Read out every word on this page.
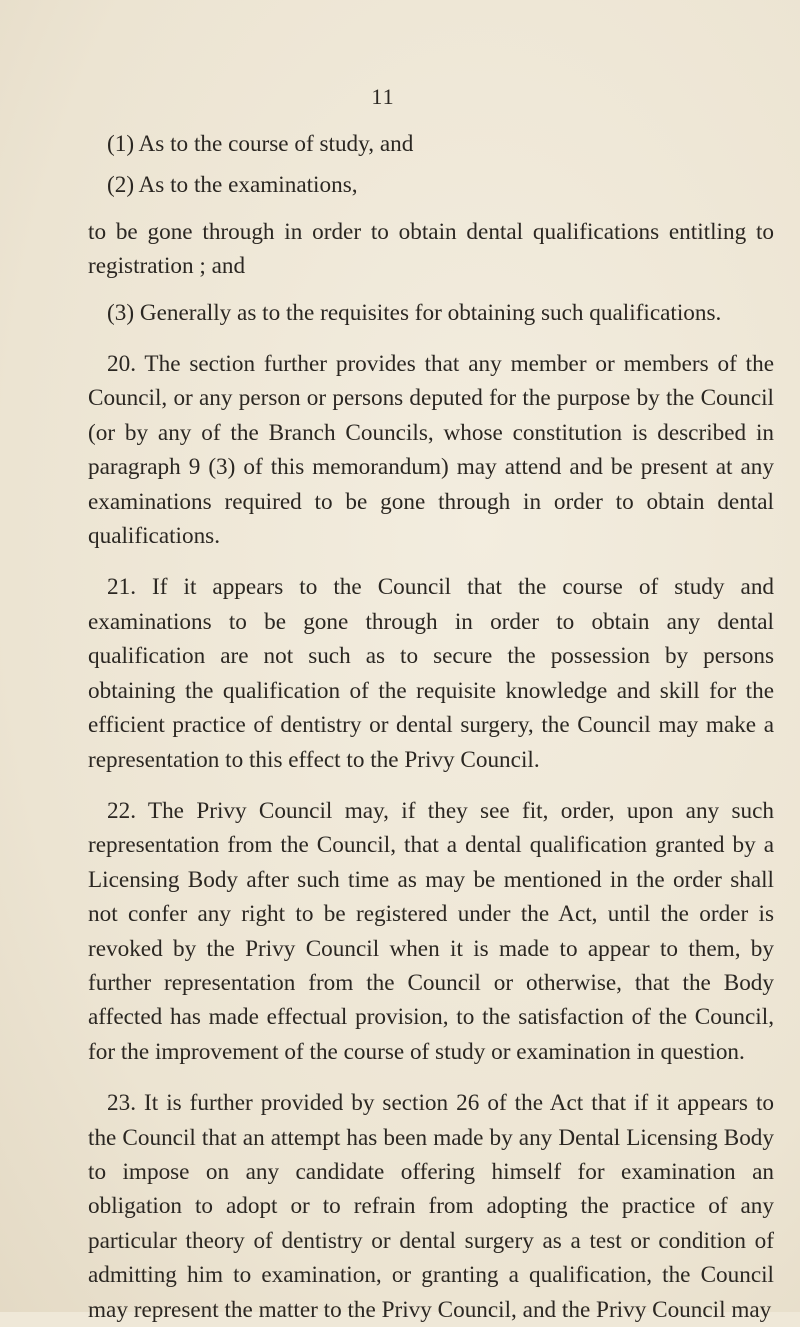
11

(1) As to the course of study, and

(2) As to the examinations,

to be gone through in order to obtain dental qualifications entitling to registration ; and

(3) Generally as to the requisites for obtaining such qualifications.

20. The section further provides that any member or members of the Council, or any person or persons deputed for the purpose by the Council (or by any of the Branch Councils, whose constitution is described in paragraph 9 (3) of this memorandum) may attend and be present at any examinations required to be gone through in order to obtain dental qualifications.

21. If it appears to the Council that the course of study and examinations to be gone through in order to obtain any dental qualification are not such as to secure the possession by persons obtaining the qualification of the requisite knowledge and skill for the efficient practice of dentistry or dental surgery, the Council may make a representation to this effect to the Privy Council.

22. The Privy Council may, if they see fit, order, upon any such representation from the Council, that a dental qualification granted by a Licensing Body after such time as may be mentioned in the order shall not confer any right to be registered under the Act, until the order is revoked by the Privy Council when it is made to appear to them, by further representation from the Council or otherwise, that the Body affected has made effectual provision, to the satisfaction of the Council, for the improvement of the course of study or examination in question.

23. It is further provided by section 26 of the Act that if it appears to the Council that an attempt has been made by any Dental Licensing Body to impose on any candidate offering himself for examination an obligation to adopt or to refrain from adopting the practice of any particular theory of dentistry or dental surgery as a test or condition of admitting him to examination, or granting a qualification, the Council may represent the matter to the Privy Council, and the Privy Council may
